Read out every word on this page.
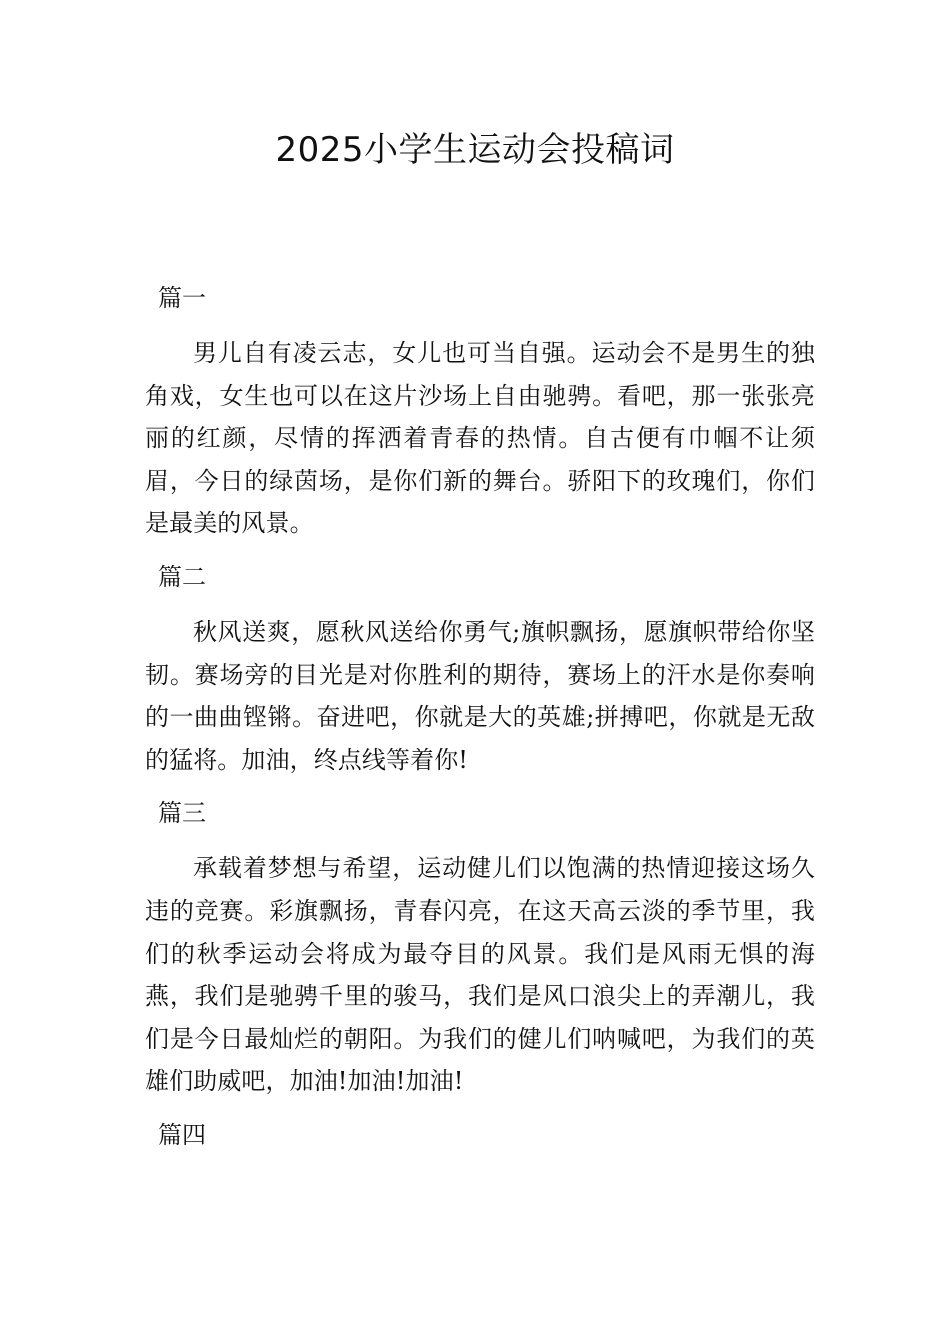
2025小学生运动会投稿词
篇一

男儿自有凌云志，女儿也可当自强。运动会不是男生的独角戏，女生也可以在这片沙场上自由驰骋。看吧，那一张张亮丽的红颜，尽情的挥洒着青春的热情。自古便有巾帼不让须眉，今日的绿茵场，是你们新的舞台。骄阳下的玫瑰们，你们是最美的风景。

篇二

秋风送爽，愿秋风送给你勇气;旗帜飘扬，愿旗帜带给你坚韧。赛场旁的目光是对你胜利的期待，赛场上的汗水是你奏响的一曲曲铿锵。奋进吧，你就是大的英雄;拼搏吧，你就是无敌的猛将。加油，终点线等着你!

篇三

承载着梦想与希望，运动健儿们以饱满的热情迎接这场久违的竞赛。彩旗飘扬，青春闪亮，在这天高云淡的季节里，我们的秋季运动会将成为最夺目的风景。我们是风雨无惧的海燕，我们是驰骋千里的骏马，我们是风口浪尖上的弄潮儿，我们是今日最灿烂的朝阳。为我们的健儿们呐喊吧，为我们的英雄们助威吧，加油!加油!加油!

篇四
